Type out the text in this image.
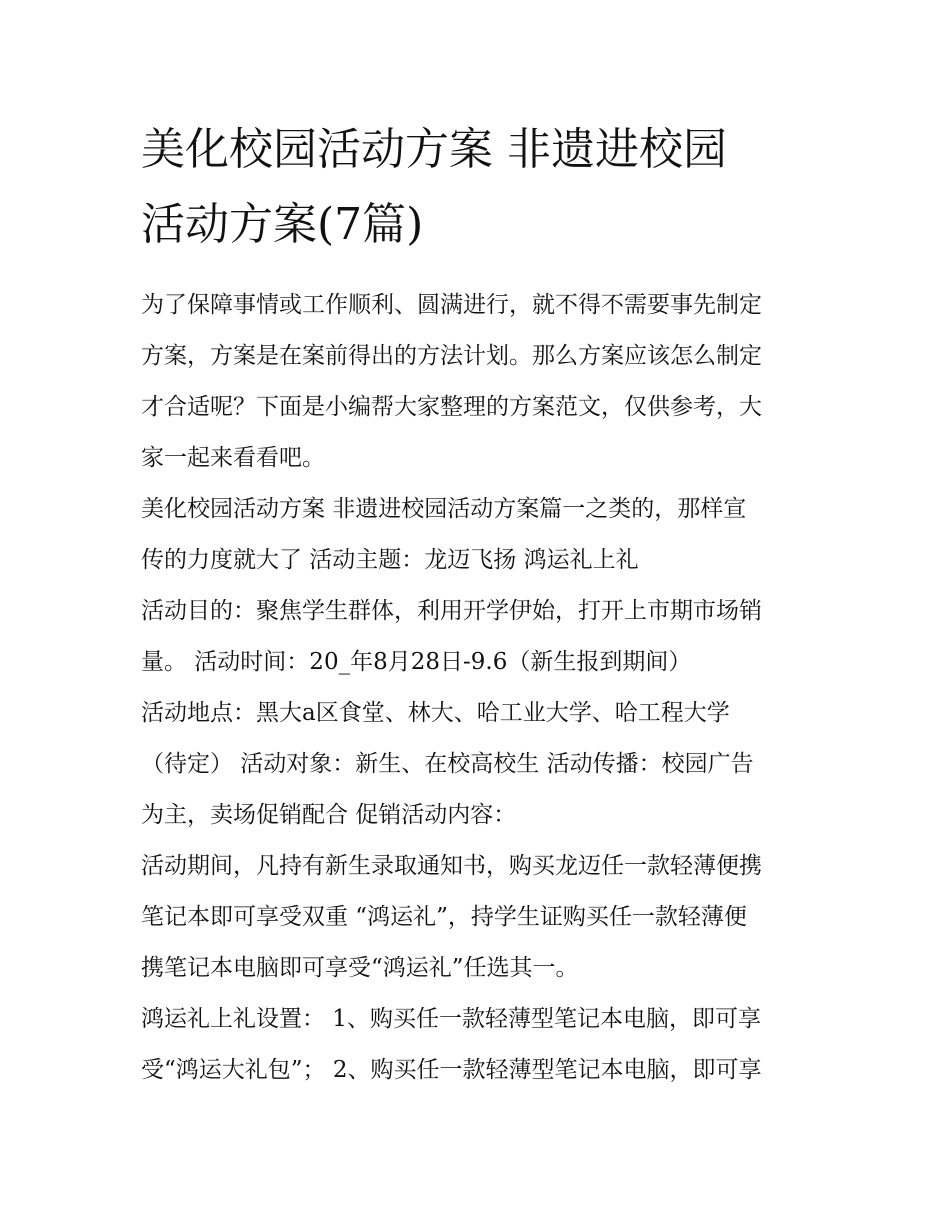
美化校园活动方案 非遗进校园
活动方案(7篇)

为了保障事情或工作顺利、圆满进行，就不得不需要事先制定
方案，方案是在案前得出的方法计划。那么方案应该怎么制定
才合适呢？下面是小编帮大家整理的方案范文，仅供参考，大
家一起来看看吧。

美化校园活动方案 非遗进校园活动方案篇一之类的，那样宣
传的力度就大了 活动主题：龙迈飞扬 鸿运礼上礼

活动目的：聚焦学生群体，利用开学伊始，打开上市期市场销
量。 活动时间：20_年8月28日-9.6（新生报到期间）

活动地点：黑大a区食堂、林大、哈工业大学、哈工程大学
（待定） 活动对象：新生、在校高校生 活动传播：校园广告
为主，卖场促销配合 促销活动内容：

活动期间，凡持有新生录取通知书，购买龙迈任一款轻薄便携
笔记本即可享受双重 “鸿运礼”，持学生证购买任一款轻薄便
携笔记本电脑即可享受“鸿运礼”任选其一。

鸿运礼上礼设置： 1、购买任一款轻薄型笔记本电脑，即可享
受“鸿运大礼包”； 2、购买任一款轻薄型笔记本电脑，即可享
